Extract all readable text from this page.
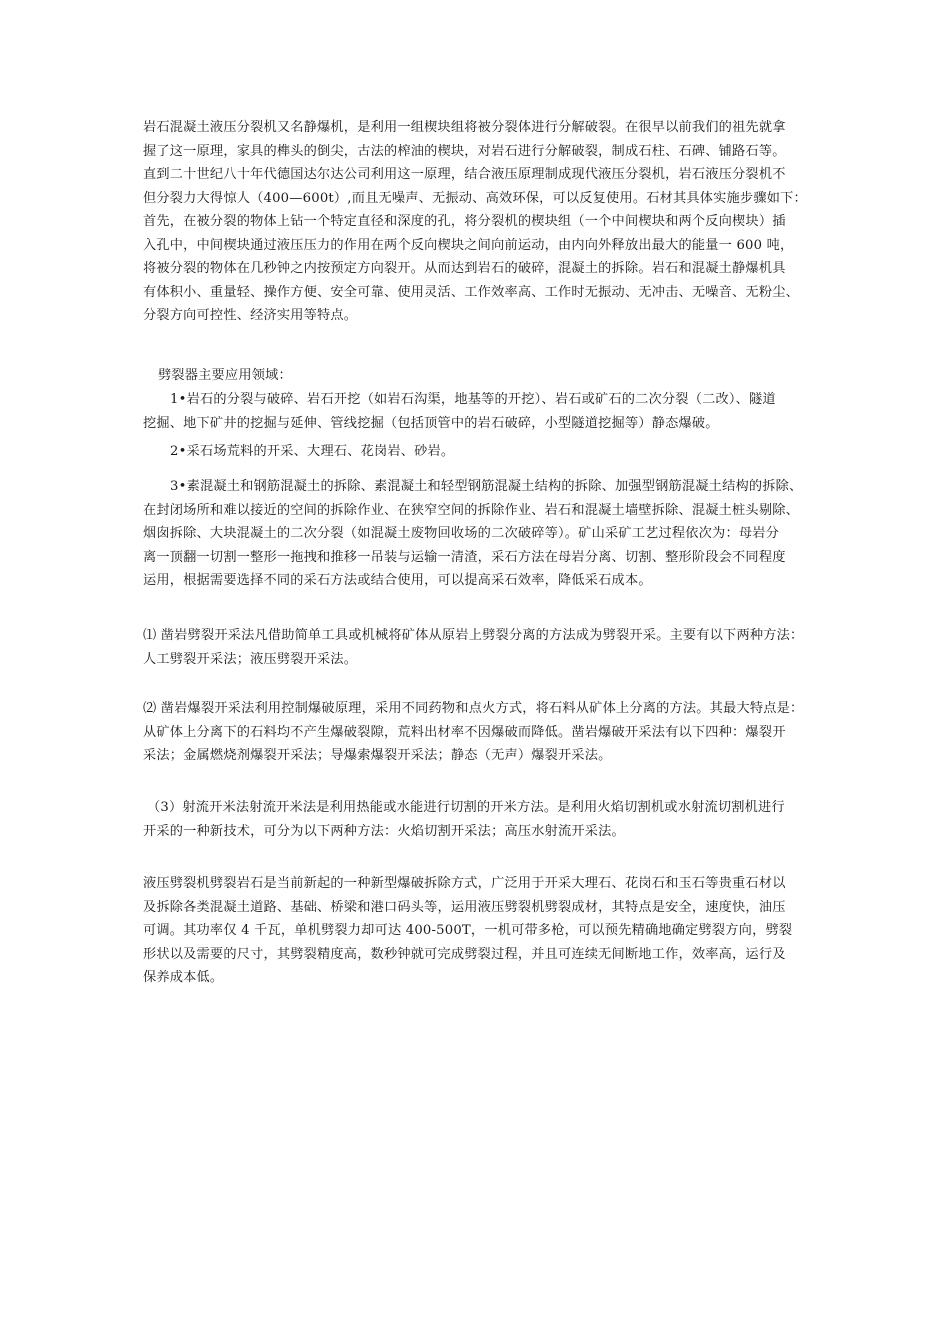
岩石混凝土液压分裂机又名静爆机，是利用一组楔块组将被分裂体进行分解破裂。在很早以前我们的祖先就拿
握了这一原理，家具的榫头的倒尖，古法的榨油的楔块，对岩石进行分解破裂，制成石柱、石碑、铺路石等。
直到二十世纪八十年代德国达尔达公司利用这一原理，结合液压原理制成现代液压分裂机，岩石液压分裂机不
但分裂力大得惊人（400—600t）,而且无噪声、无振动、高效环保，可以反复使用。石材其具体实施步骤如下：
首先，在被分裂的物体上钻一个特定直径和深度的孔，将分裂机的楔块组（一个中间楔块和两个反向楔块）插
入孔中，中间楔块通过液压压力的作用在两个反向楔块之间向前运动，由内向外释放出最大的能量一 600 吨，
将被分裂的物体在几秒钟之内按预定方向裂开。从而达到岩石的破碎，混凝土的拆除。岩石和混凝土静爆机具
有体积小、重量轻、操作方便、安全可靠、使用灵活、工作效率高、工作时无振动、无冲击、无噪音、无粉尘、
分裂方向可控性、经济实用等特点。
劈裂器主要应用领域：
1•岩石的分裂与破碎、岩石开挖（如岩石沟渠，地基等的开挖）、岩石或矿石的二次分裂（二改）、隧道
挖掘、地下矿井的挖掘与延伸、管线挖掘（包括顶管中的岩石破碎，小型隧道挖掘等）静态爆破。
2•采石场荒料的开采、大理石、花岗岩、砂岩。
3•素混凝土和钢筋混凝土的拆除、素混凝土和轻型钢筋混凝土结构的拆除、加强型钢筋混凝土结构的拆除、
在封闭场所和难以接近的空间的拆除作业、在狭窄空间的拆除作业、岩石和混凝土墙壁拆除、混凝土桩头剔除、
烟囱拆除、大块混凝土的二次分裂（如混凝土废物回收场的二次破碎等）。矿山采矿工艺过程依次为：母岩分
离一顶翻一切割一整形一拖拽和推移一吊装与运输一清渣，采石方法在母岩分离、切割、整形阶段会不同程度
运用，根据需要选择不同的采石方法或结合使用，可以提高采石效率，降低采石成本。
⑴ 凿岩劈裂开采法凡借助简单工具或机械将矿体从原岩上劈裂分离的方法成为劈裂开采。主要有以下两种方法：
人工劈裂开采法；液压劈裂开采法。
⑵ 凿岩爆裂开采法利用控制爆破原理，采用不同药物和点火方式，将石料从矿体上分离的方法。其最大特点是：
从矿体上分离下的石料均不产生爆破裂隙，荒料出材率不因爆破而降低。凿岩爆破开采法有以下四种：爆裂开
采法；金属燃烧剂爆裂开采法；导爆索爆裂开采法；静态（无声）爆裂开采法。
（3）射流开米法射流开米法是利用热能或水能进行切割的开米方法。是利用火焰切割机或水射流切割机进行
开采的一种新技术，可分为以下两种方法：火焰切割开采法；高压水射流开采法。
液压劈裂机劈裂岩石是当前新起的一种新型爆破拆除方式，广泛用于开采大理石、花岗石和玉石等贵重石材以
及拆除各类混凝土道路、基础、桥梁和港口码头等，运用液压劈裂机劈裂成材，其特点是安全，速度快，油压
可调。其功率仅 4 千瓦，单机劈裂力却可达 400-500T，一机可带多枪，可以预先精确地确定劈裂方向，劈裂
形状以及需要的尺寸，其劈裂精度高，数秒钟就可完成劈裂过程，并且可连续无间断地工作，效率高，运行及
保养成本低。
